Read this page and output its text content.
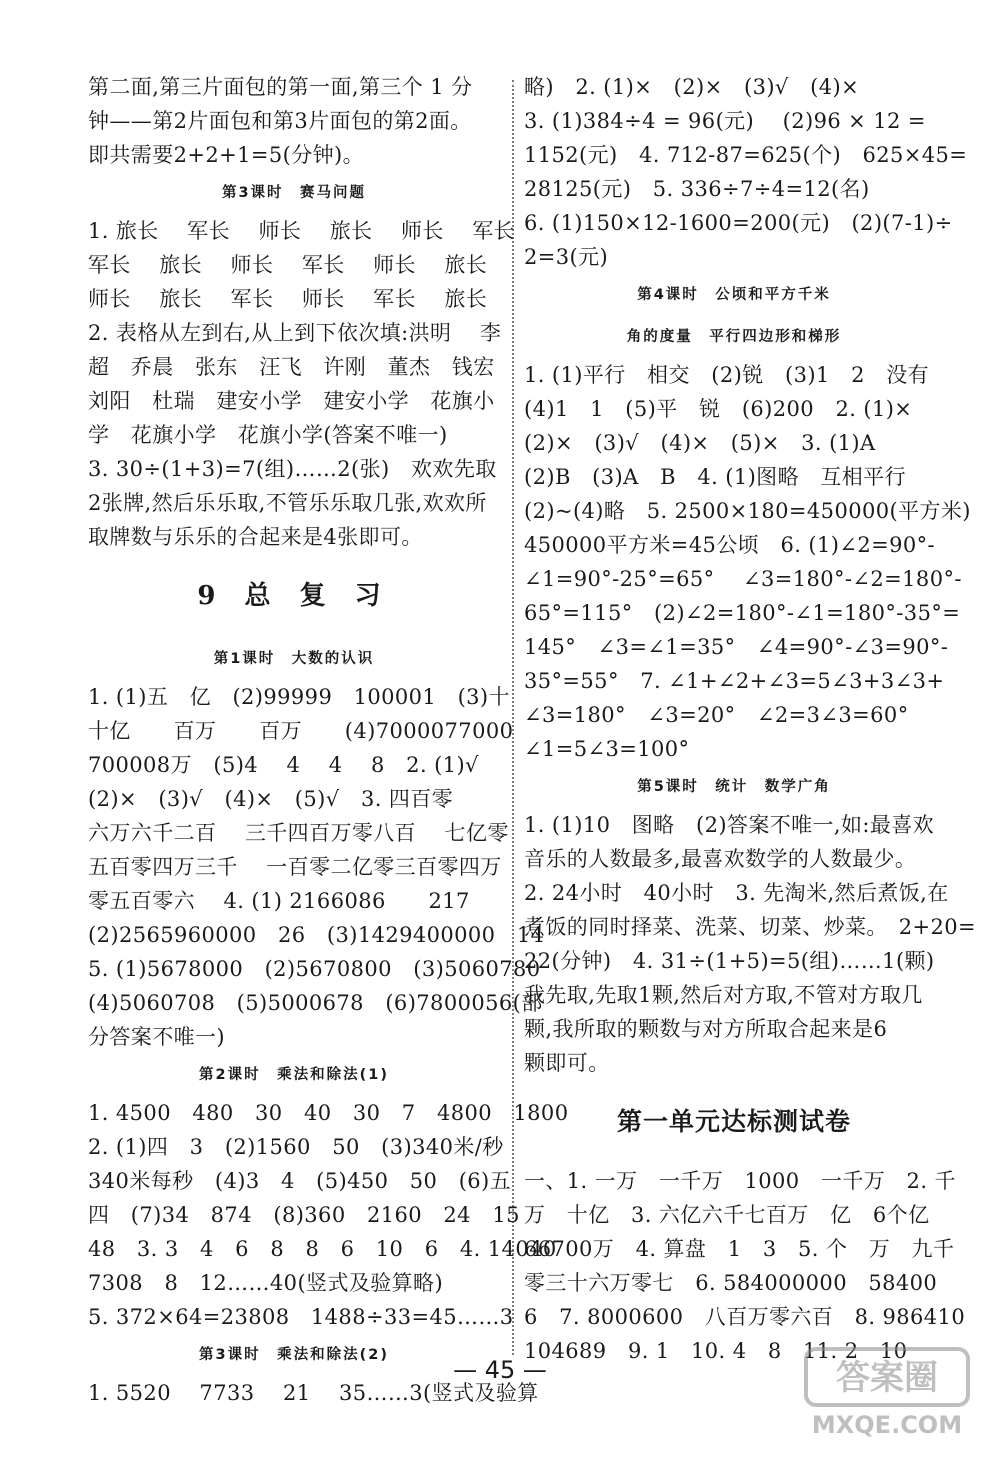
第二面,第三片面包的第一面,第三个 1 分
钟——第2片面包和第3片面包的第2面。
即共需要2+2+1=5(分钟)。
第3课时　赛马问题
1. 旅长　 军长　 师长　 旅长　 师长　 军长
军长　 旅长　 师长　 军长　 师长　 旅长
师长　 旅长　 军长　 师长　 军长　 旅长
2. 表格从左到右,从上到下依次填:洪明　 李
超　乔晨　张东　汪飞　许刚　董杰　钱宏
刘阳　杜瑞　建安小学　建安小学　花旗小
学　花旗小学　花旗小学(答案不唯一)
3. 30÷(1+3)=7(组)……2(张)　欢欢先取
2张牌,然后乐乐取,不管乐乐取几张,欢欢所
取牌数与乐乐的合起来是4张即可。
9 总 复 习
第1课时　大数的认识
1. (1)五　亿　(2)99999　100001　(3)十
十亿　　百万　　百万　　(4)7000077000
700008万　(5)4　 4　 4　 8　2. (1)√
(2)×　(3)√　(4)×　(5)√　3. 四百零
六万六千二百　 三千四百万零八百　 七亿零
五百零四万三千　 一百零二亿零三百零四万
零五百零六　 4. (1) 2166086　　217
(2)2565960000　26　(3)1429400000　14
5. (1)5678000　(2)5670800　(3)5060780
(4)5060708　(5)5000678　(6)7800056(部
分答案不唯一)
第2课时　乘法和除法(1)
1. 4500　480　30　40　30　7　4800　1800
2. (1)四　3　(2)1560　50　(3)340米/秒
340米每秒　(4)3　4　(5)450　50　(6)五
四　(7)34　874　(8)360　2160　24　15
48　3. 3　4　6　8　8　6　10　6　4. 14040
7308　8　12……40(竖式及验算略)
5. 372×64=23808　1488÷33=45……3
第3课时　乘法和除法(2)
1. 5520　 7733　 21　 35……3(竖式及验算
略)　2. (1)×　(2)×　(3)√　(4)×
3. (1)384÷4 = 96(元)　 (2)96 × 12 =
1152(元)　4. 712-87=625(个)　625×45=
28125(元)　5. 336÷7÷4=12(名)
6. (1)150×12-1600=200(元)　(2)(7-1)÷
2=3(元)
第4课时　公顷和平方千米
角的度量　平行四边形和梯形
1. (1)平行　相交　(2)锐　(3)1　2　没有
(4)1　1　(5)平　锐　(6)200　2. (1)×
(2)×　(3)√　(4)×　(5)×　3. (1)A
(2)B　(3)A　B　4. (1)图略　互相平行
(2)~(4)略　5. 2500×180=450000(平方米)
450000平方米=45公顷　6. (1)∠2=90°-
∠1=90°-25°=65°　 ∠3=180°-∠2=180°-
65°=115°　(2)∠2=180°-∠1=180°-35°=
145°　∠3=∠1=35°　∠4=90°-∠3=90°-
35°=55°　7. ∠1+∠2+∠3=5∠3+3∠3+
∠3=180°　∠3=20°　∠2=3∠3=60°
∠1=5∠3=100°
第5课时　统计　数学广角
1. (1)10　图略　(2)答案不唯一,如:最喜欢
音乐的人数最多,最喜欢数学的人数最少。
2. 24小时　40小时　3. 先淘米,然后煮饭,在
煮饭的同时择菜、洗菜、切菜、炒菜。　2+20=
22(分钟)　4. 31÷(1+5)=5(组)……1(颗)
我先取,先取1颗,然后对方取,不管对方取几
颗,我所取的颗数与对方所取合起来是6
颗即可。
第一单元达标测试卷
一、1. 一万　一千万　1000　一千万　2. 千
万　十亿　3. 六亿六千七百万　亿　6个亿
66700万　4. 算盘　1　3　5. 个　万　九千
零三十六万零七　6. 584000000　58400
6　7. 8000600　八百万零六百　8. 986410
104689　9. 1　10. 4　8　11. 2　10
— 45 —	答案圈
MXQE.COM
